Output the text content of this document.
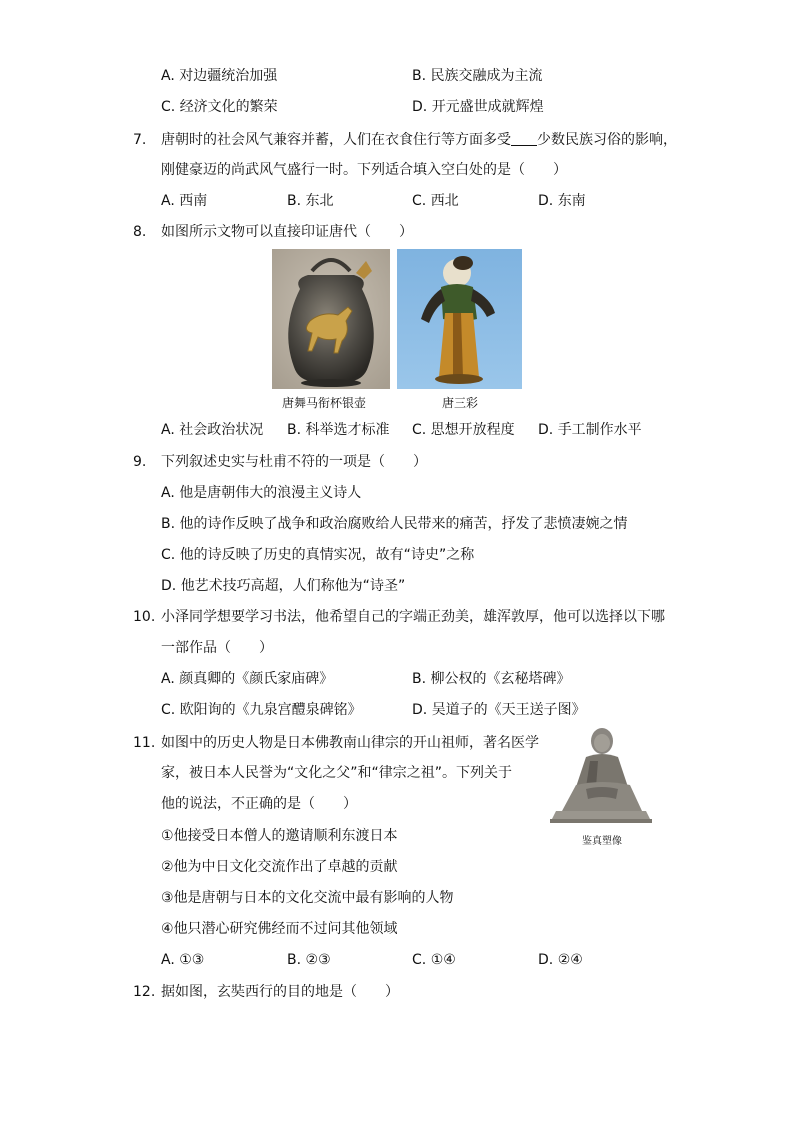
A. 对边疆统治加强	B. 民族交融成为主流
C. 经济文化的繁荣	D. 开元盛世成就辉煌
7. 唐朝时的社会风气兼容并蓄，人们在衣食住行等方面多受 少数民族习俗的影响，
刚健豪迈的尚武风气盛行一时。下列适合填入空白处的是（　　）
A. 西南	B. 东北	C. 西北	D. 东南
8. 如图所示文物可以直接印证唐代（　　）
唐舞马衔杯银壶	唐三彩
A. 社会政治状况 B. 科举选才标准 C. 思想开放程度 D. 手工制作水平
9. 下列叙述史实与杜甫不符的一项是（　　）
A. 他是唐朝伟大的浪漫主义诗人
B. 他的诗作反映了战争和政治腐败给人民带来的痛苦，抒发了悲愤凄婉之情
C. 他的诗反映了历史的真情实况，故有“诗史”之称
D. 他艺术技巧高超，人们称他为“诗圣”
10. 小泽同学想要学习书法，他希望自己的字端正劲美，雄浑敦厚，他可以选择以下哪
一部作品（　　）
A. 颜真卿的《颜氏家庙碑》	B. 柳公权的《玄秘塔碑》
C. 欧阳询的《九泉宫醴泉碑铭》	D. 吴道子的《天王送子图》
11. 如图中的历史人物是日本佛教南山律宗的开山祖师，著名医学
家，被日本人民誉为“文化之父”和“律宗之祖”。下列关于
他的说法，不正确的是（　　）
①他接受日本僧人的邀请顺利东渡日本
②他为中日文化交流作出了卓越的贡献
③他是唐朝与日本的文化交流中最有影响的人物
④他只潜心研究佛经而不过问其他领域
鉴真塑像
A. ①③	B. ②③	C. ①④	D. ②④
12. 据如图，玄奘西行的目的地是（　　）
